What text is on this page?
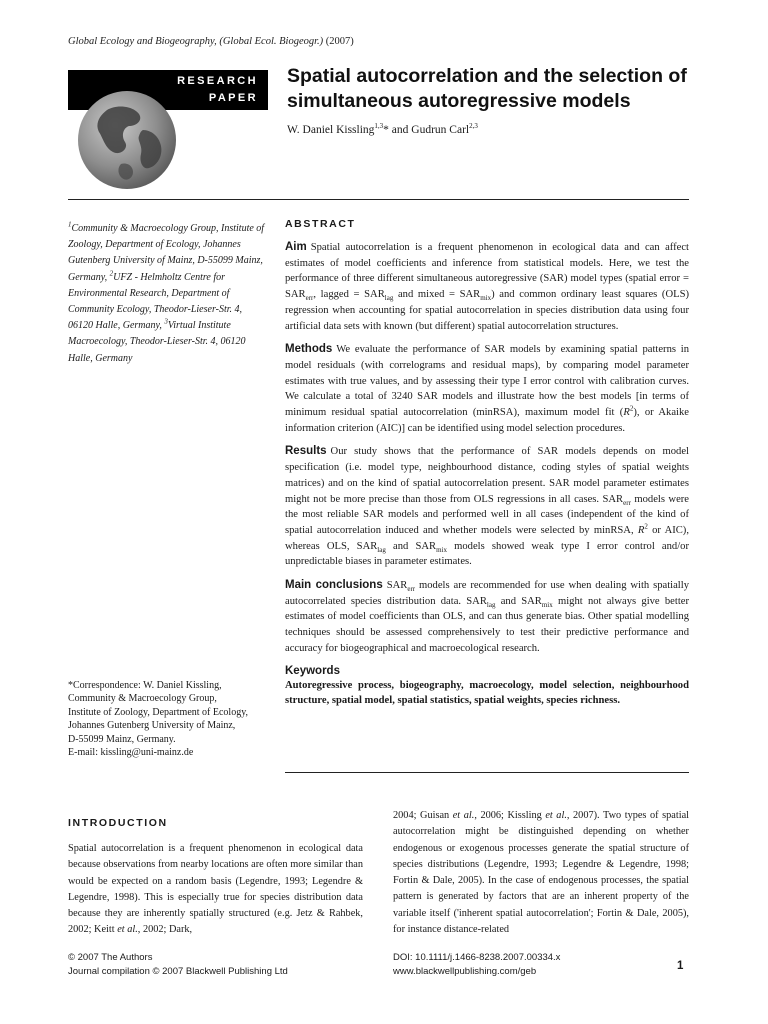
Global Ecology and Biogeography, (Global Ecol. Biogeogr.) (2007)
RESEARCH
PAPER
Spatial autocorrelation and the selection of simultaneous autoregressive models
W. Daniel Kissling$^{1,3}$* and Gudrun Carl$^{2,3}$
$^1$Community & Macroecology Group, Institute of Zoology, Department of Ecology, Johannes Gutenberg University of Mainz, D-55099 Mainz, Germany, $^2$UFZ - Helmholtz Centre for Environmental Research, Department of Community Ecology, Theodor-Lieser-Str. 4, 06120 Halle, Germany, $^3$Virtual Institute Macroecology, Theodor-Lieser-Str. 4, 06120 Halle, Germany
*Correspondence: W. Daniel Kissling,
Community & Macroecology Group,
Institute of Zoology, Department of Ecology,
Johannes Gutenberg University of Mainz,
D-55099 Mainz, Germany.
E-mail: kissling@uni-mainz.de
ABSTRACT

Aim Spatial autocorrelation is a frequent phenomenon in ecological data and can affect estimates of model coefficients and inference from statistical models. Here, we test the performance of three different simultaneous autoregressive (SAR) model types (spatial error = $SAR_{err}$, lagged = $SAR_{lag}$ and mixed = $SAR_{mix}$) and common ordinary least squares (OLS) regression when accounting for spatial autocorrelation in species distribution data using four artificial data sets with known (but different) spatial autocorrelation structures.

Methods We evaluate the performance of SAR models by examining spatial patterns in model residuals (with correlograms and residual maps), by comparing model parameter estimates with true values, and by assessing their type I error control with calibration curves. We calculate a total of 3240 SAR models and illustrate how the best models [in terms of minimum residual spatial autocorrelation (minRSA), maximum model fit $(R^2)$, or Akaike information criterion (AIC)] can be identified using model selection procedures.

Results Our study shows that the performance of SAR models depends on model specification (i.e. model type, neighbourhood distance, coding styles of spatial weights matrices) and on the kind of spatial autocorrelation present. SAR model parameter estimates might not be more precise than those from OLS regressions in all cases. $SAR_{err}$ models were the most reliable SAR models and performed well in all cases (independent of the kind of spatial autocorrelation induced and whether models were selected by minRSA, $R^2$ or AIC), whereas OLS, $SAR_{lag}$ and $SAR_{mix}$ models showed weak type I error control and/or unpredictable biases in parameter estimates.

Main conclusions $SAR_{err}$ models are recommended for use when dealing with spatially autocorrelated species distribution data. $SAR_{lag}$ and $SAR_{mix}$ might not always give better estimates of model coefficients than OLS, and can thus generate bias. Other spatial modelling techniques should be assessed comprehensively to test their predictive performance and accuracy for biogeographical and macroecological research.

Keywords

Autoregressive process, biogeography, macroecology, model selection, neighbourhood structure, spatial model, spatial statistics, spatial weights, species richness.

INTRODUCTION

Spatial autocorrelation is a frequent phenomenon in ecological data because observations from nearby locations are often more similar than would be expected on a random basis (Legendre, 1993; Legendre & Legendre, 1998). This is especially true for species distribution data because they are inherently spatially structured (e.g. Jetz & Rahbek, 2002; Keitt et al., 2002; Dark,

2004; Guisan et al., 2006; Kissling et al., 2007). Two types of spatial autocorrelation might be distinguished depending on whether endogenous or exogenous processes generate the spatial structure of species distributions (Legendre, 1993; Legendre & Legendre, 1998; Fortin & Dale, 2005). In the case of endogenous processes, the spatial pattern is generated by factors that are an inherent property of the variable itself ('inherent spatial autocorrelation'; Fortin & Dale, 2005), for instance distance-related

© 2007 The Authors
Journal compilation © 2007 Blackwell Publishing Ltd
DOI: 10.1111/j.1466-8238.2007.00334.x
www.blackwellpublishing.com/geb	1
